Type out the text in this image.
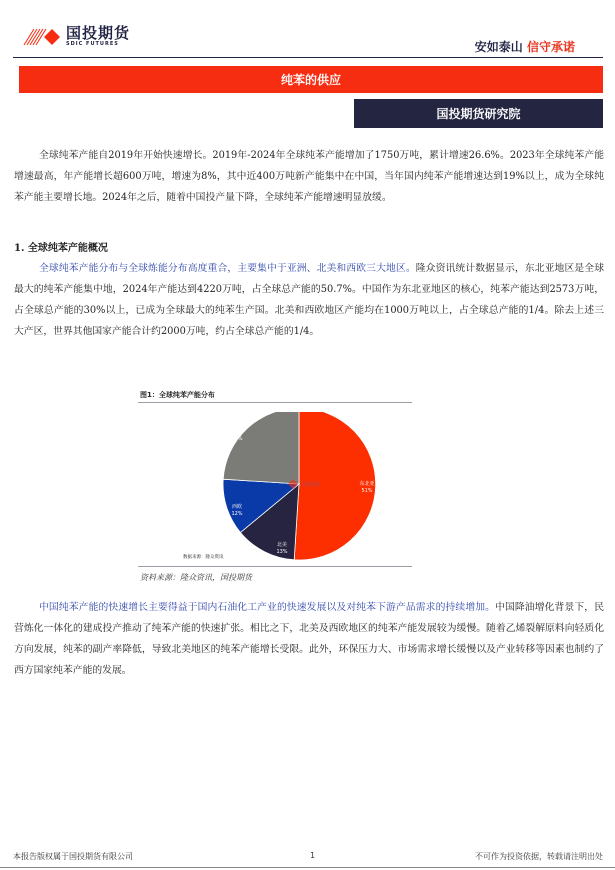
国投期货
SDIC FUTURES	安如泰山 信守承诺
纯苯的供应
国投期货研究院
全球纯苯产能自2019年开始快速增长。2019年-2024年全球纯苯产能增加了1750万吨，累计增速26.6%。2023年全球纯苯产能增速最高，年产能增长超600万吨，增速为8%，其中近400万吨新产能集中在中国，当年国内纯苯产能增速达到19%以上，成为全球纯苯产能主要增长地。2024年之后，随着中国投产量下降，全球纯苯产能增速明显放缓。
1. 全球纯苯产能概况
全球纯苯产能分布与全球炼能分布高度重合，主要集中于亚洲、北美和西欧三大地区。隆众资讯统计数据显示，东北亚地区是全球最大的纯苯产能集中地，2024年产能达到4220万吨，占全球总产能的50.7%。中国作为东北亚地区的核心，纯苯产能达到2573万吨，占全球总产能的30%以上，已成为全球最大的纯苯生产国。北美和西欧地区产能均在1000万吨以上，占全球总产能的1/4。除去上述三大产区，世界其他国家产能合计约2000万吨，约占全球总产能的1/4。
图1：全球纯苯产能分布
东北亚
51%
北美
13%
西欧
12%
其他
24%
国投期货
数据来源：隆众资讯
资料来源：隆众资讯，国投期货
中国纯苯产能的快速增长主要得益于国内石油化工产业的快速发展以及对纯苯下游产品需求的持续增加。中国降油增化背景下，民营炼化一体化的建成投产推动了纯苯产能的快速扩张。相比之下，北美及西欧地区的纯苯产能发展较为缓慢。随着乙烯裂解原料向轻质化方向发展，纯苯的副产率降低，导致北美地区的纯苯产能增长受限。此外，环保压力大、市场需求增长缓慢以及产业转移等因素也制约了西方国家纯苯产能的发展。
本报告版权属于国投期货有限公司	1	不可作为投资依据，转载请注明出处
